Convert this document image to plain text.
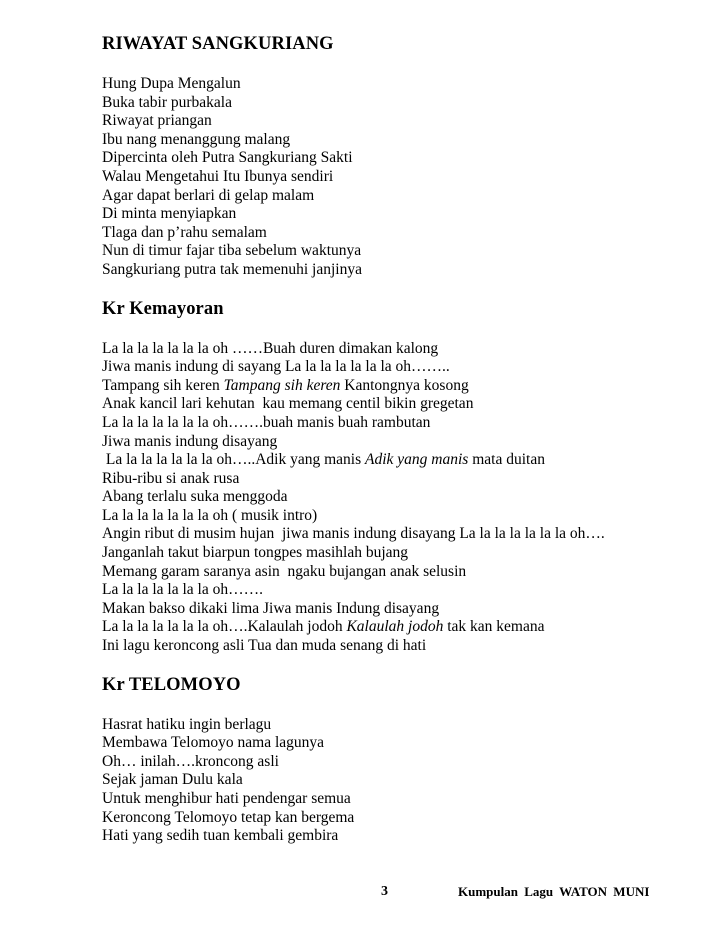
RIWAYAT SANGKURIANG
Hung Dupa Mengalun
Buka tabir purbakala
Riwayat priangan
Ibu nang menanggung malang
Dipercinta oleh Putra Sangkuriang Sakti
Walau Mengetahui Itu Ibunya sendiri
Agar dapat berlari di gelap malam
Di minta menyiapkan
Tlaga dan p’rahu semalam
Nun di timur fajar tiba sebelum waktunya
Sangkuriang putra tak memenuhi janjinya
Kr Kemayoran
La la la la la la la oh ……Buah duren dimakan kalong
Jiwa manis indung di sayang La la la la la la la oh……..
Tampang sih keren Tampang sih keren Kantongnya kosong
Anak kancil lari kehutan  kau memang centil bikin gregetan
La la la la la la la oh…….buah manis buah rambutan
Jiwa manis indung disayang
La la la la la la la oh…..Adik yang manis Adik yang manis mata duitan
Ribu-ribu si anak rusa
Abang terlalu suka menggoda
La la la la la la la oh ( musik intro)
Angin ribut di musim hujan  jiwa manis indung disayang La la la la la la la oh….
Janganlah takut biarpun tongpes masihlah bujang
Memang garam saranya asin  ngaku bujangan anak selusin
La la la la la la la oh…….
Makan bakso dikaki lima Jiwa manis Indung disayang
La la la la la la la oh….Kalaulah jodoh Kalaulah jodoh tak kan kemana
Ini lagu keroncong asli Tua dan muda senang di hati
Kr TELOMOYO
Hasrat hatiku ingin berlagu
Membawa Telomoyo nama lagunya
Oh… inilah….kroncong asli
Sejak jaman Dulu kala
Untuk menghibur hati pendengar semua
Keroncong Telomoyo tetap kan bergema
Hati yang sedih tuan kembali gembira
3	Kumpulan Lagu WATON MUNI
